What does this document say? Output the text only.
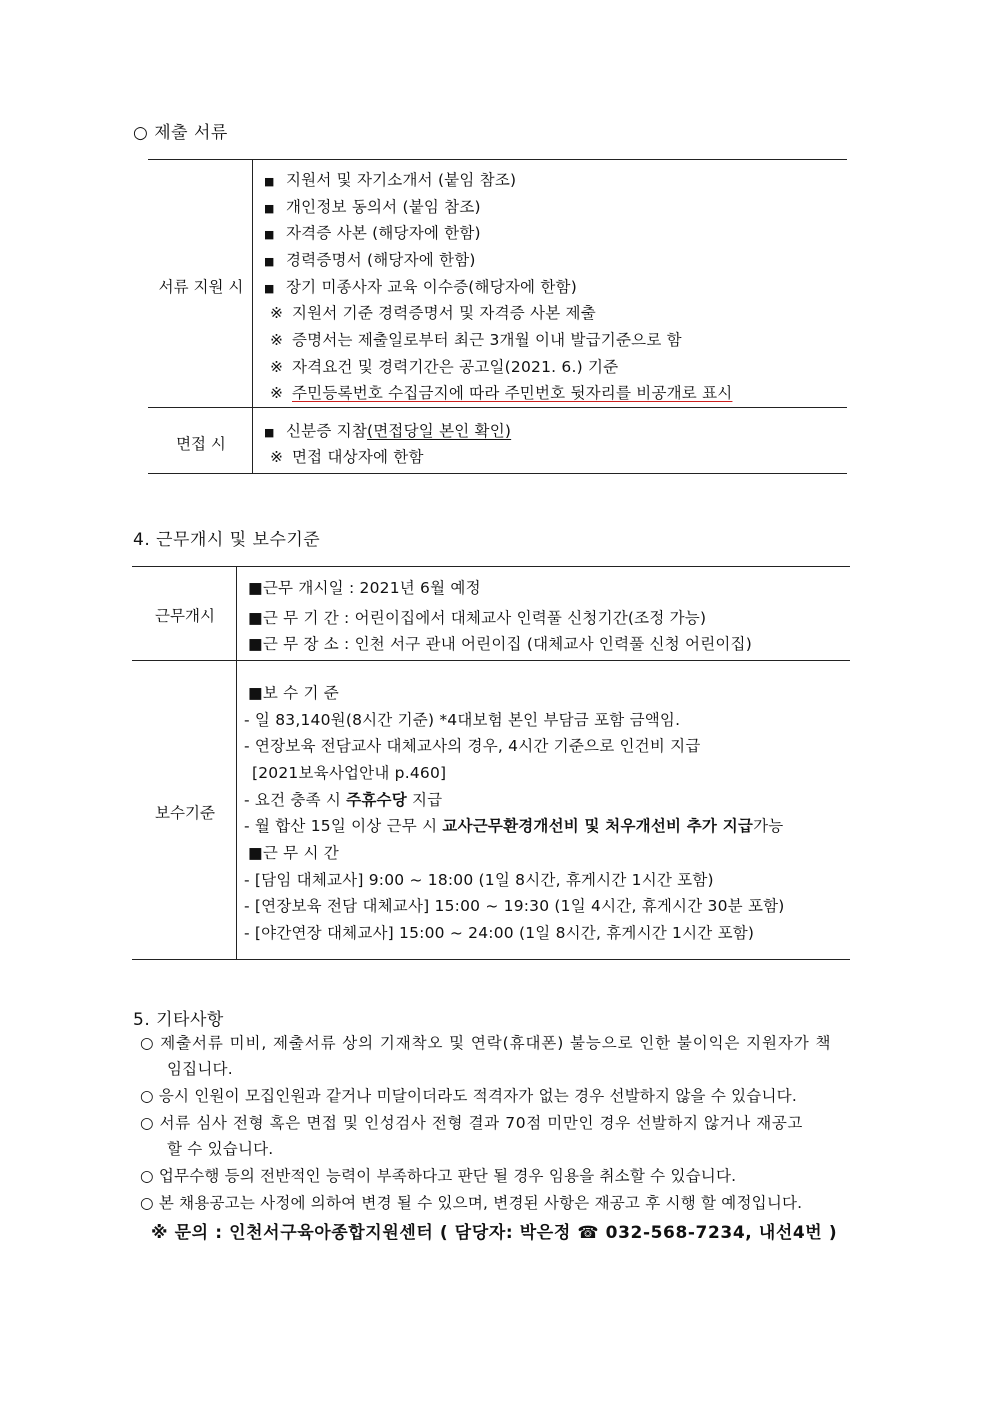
○ 제출 서류
서류 지원 시
■ 지원서 및 자기소개서 (붙임 참조)
■ 개인정보 동의서 (붙임 참조)
■ 자격증 사본 (해당자에 한함)
■ 경력증명서 (해당자에 한함)
■ 장기 미종사자 교육 이수증(해당자에 한함)
※ 지원서 기준 경력증명서 및 자격증 사본 제출
※ 증명서는 제출일로부터 최근 3개월 이내 발급기준으로 함
※ 자격요건 및 경력기간은 공고일(2021. 6.) 기준
※ 주민등록번호 수집금지에 따라 주민번호 뒷자리를 비공개로 표시
면접 시
■ 신분증 지참(면접당일 본인 확인)
※ 면접 대상자에 한함
4. 근무개시 및 보수기준
근무개시
■근무 개시일 : 2021년 6월 예정
■근 무 기 간 : 어린이집에서 대체교사 인력풀 신청기간(조정 가능)
■근 무 장 소 : 인천 서구 관내 어린이집 (대체교사 인력풀 신청 어린이집)
보수기준
■보 수 기 준
- 일 83,140원(8시간 기준) *4대보험 본인 부담금 포함 금액임.
- 연장보육 전담교사 대체교사의 경우, 4시간 기준으로 인건비 지급
[2021보육사업안내 p.460]
- 요건 충족 시 주휴수당 지급
- 월 합산 15일 이상 근무 시 교사근무환경개선비 및 처우개선비 추가 지급가능
■근 무 시 간
- [담임 대체교사] 9:00 ~ 18:00 (1일 8시간, 휴게시간 1시간 포함)
- [연장보육 전담 대체교사] 15:00 ~ 19:30 (1일 4시간, 휴게시간 30분 포함)
- [야간연장 대체교사] 15:00 ~ 24:00 (1일 8시간, 휴게시간 1시간 포함)
5. 기타사항
○ 제출서류 미비, 제출서류 상의 기재착오 및 연락(휴대폰) 불능으로 인한 불이익은 지원자가 책
임집니다.
○ 응시 인원이 모집인원과 같거나 미달이더라도 적격자가 없는 경우 선발하지 않을 수 있습니다.
○ 서류 심사 전형 혹은 면접 및 인성검사 전형 결과 70점 미만인 경우 선발하지 않거나 재공고
할 수 있습니다.
○ 업무수행 등의 전반적인 능력이 부족하다고 판단 될 경우 임용을 취소할 수 있습니다.
○ 본 채용공고는 사정에 의하여 변경 될 수 있으며, 변경된 사항은 재공고 후 시행 할 예정입니다.
※ 문의 : 인천서구육아종합지원센터 ( 담당자: 박은정 ☎ 032-568-7234, 내선4번 )
